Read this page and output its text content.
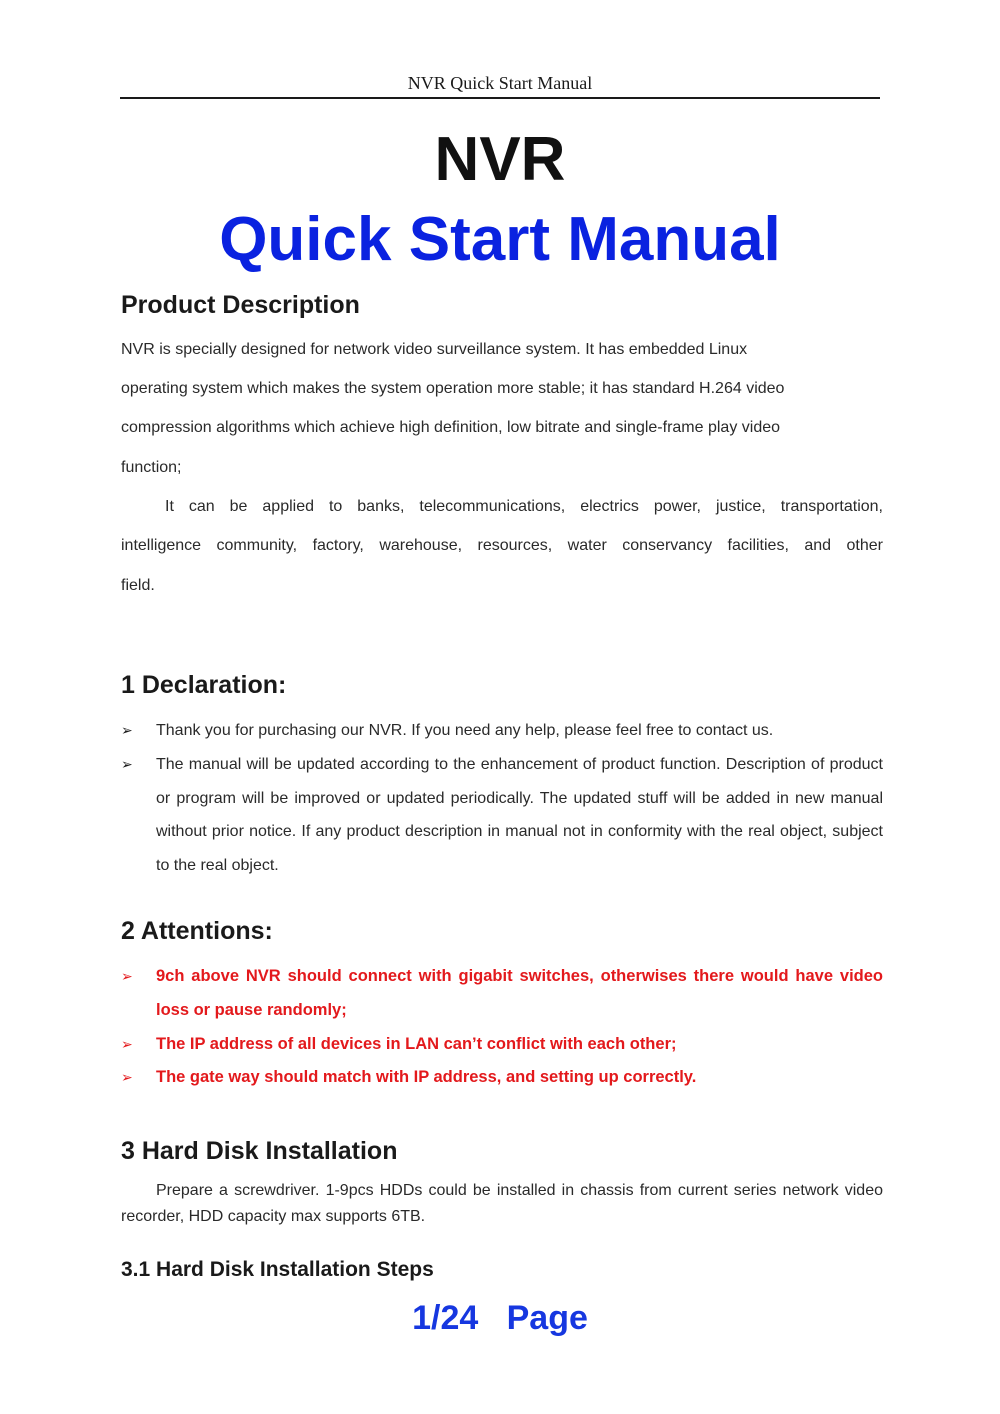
NVR Quick Start Manual
NVR
Quick Start Manual
Product Description
NVR is specially designed for network video surveillance system. It has embedded Linux
operating system which makes the system operation more stable; it has standard H.264 video
compression algorithms which achieve high definition, low bitrate and single-frame play video
function;
It can be applied to banks, telecommunications, electrics power, justice, transportation,
intelligence community, factory, warehouse, resources, water conservancy facilities, and other
field.
1 Declaration:
➢ Thank you for purchasing our NVR. If you need any help, please feel free to contact us.
➢ The manual will be updated according to the enhancement of product function. Description of product or program will be improved or updated periodically. The updated stuff will be added in new manual without prior notice. If any product description in manual not in conformity with the real object, subject to the real object.
2 Attentions:
➢ 9ch above NVR should connect with gigabit switches, otherwises there would have video loss or pause randomly;
➢ The IP address of all devices in LAN can’t conflict with each other;
➢ The gate way should match with IP address, and setting up correctly.
3 Hard Disk Installation
Prepare a screwdriver. 1-9pcs HDDs could be installed in chassis from current series network video recorder, HDD capacity max supports 6TB.
3.1 Hard Disk Installation Steps
1/24   Page
